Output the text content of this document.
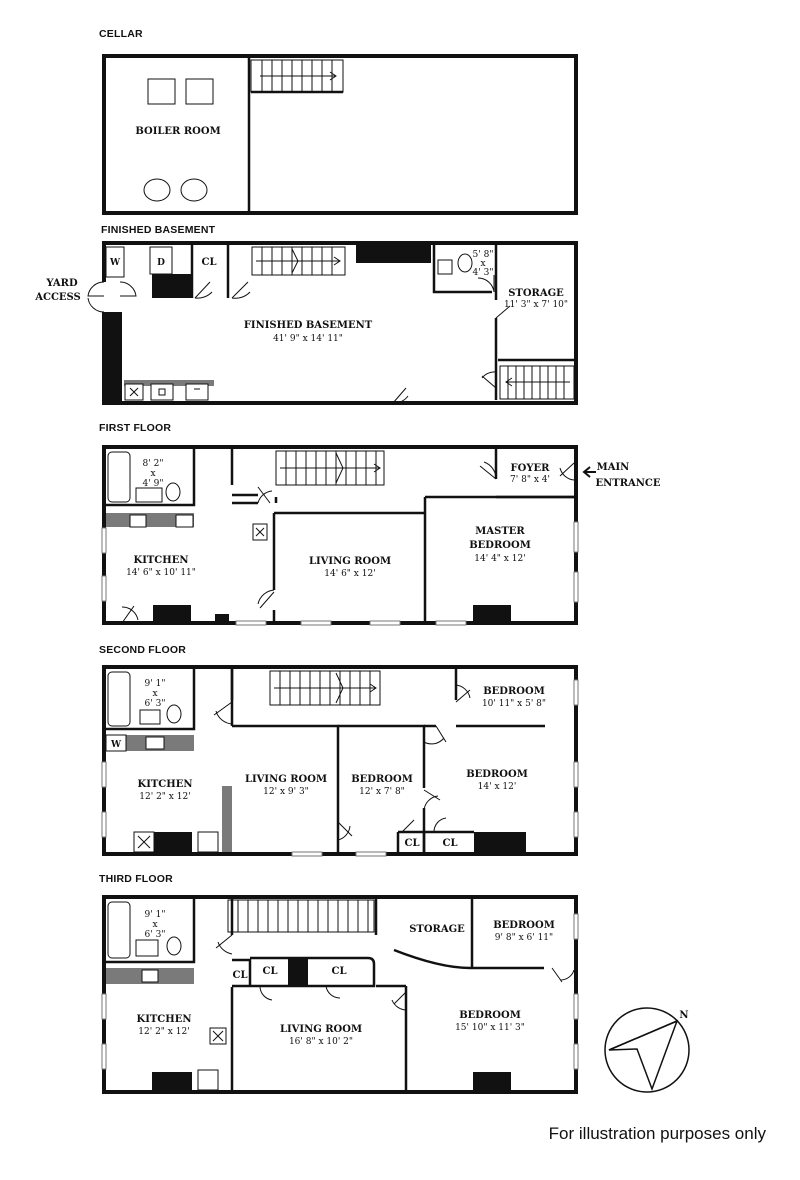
CELLAR
BOILER ROOM
FINISHED BASEMENT
YARD
ACCESS
W	D	CL
5' 8"
x
4' 3"
STORAGE
11' 3" x 7' 10"
FINISHED BASEMENT
41' 9" x 14' 11"
FIRST FLOOR
8' 2"
x
4' 9"
FOYER
7' 8" x 4'
MAIN
ENTRANCE
KITCHEN
14' 6" x 10' 11"
LIVING ROOM
14' 6" x 12'
MASTER
BEDROOM
14' 4" x 12'
SECOND FLOOR
9' 1"
x
6' 3"
W
CL CL
BEDROOM
10' 11" x 5' 8"
KITCHEN
12' 2" x 12'
LIVING ROOM
12' x 9' 3"
BEDROOM
12' x 7' 8"
BEDROOM
14' x 12'
THIRD FLOOR
9' 1"
x
6' 3"
CL CL	CL
STORAGE	BEDROOM
9' 8" x 6' 11"
KITCHEN
12' 2" x 12'	LIVING ROOM
16' 8" x 10' 2"
BEDROOM
15' 10" x 11' 3"
N
For illustration purposes only
